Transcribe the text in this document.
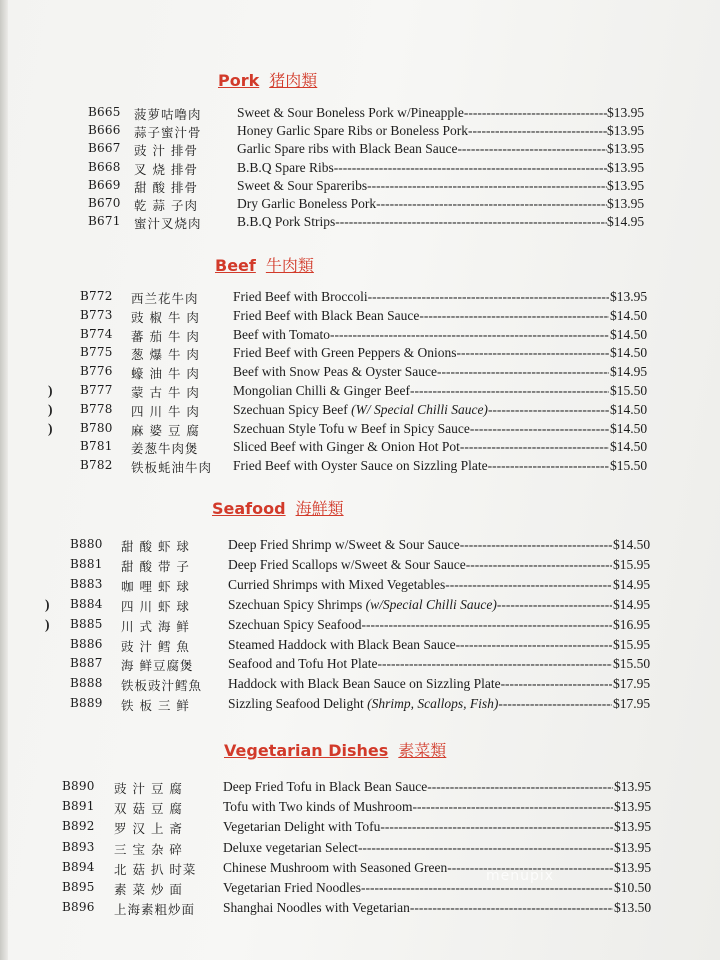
Pork 猪肉類
B665 菠萝咕噜肉	Sweet & Sour Boneless Pork w/Pineapple -----	$13.95
B666 蒜子蜜汁骨	Honey Garlic Spare Ribs or Boneless Pork -----	$13.95
B667 豉 汁 排骨	Garlic Spare ribs with Black Bean Sauce -----	$13.95
B668 叉 烧 排骨	B.B.Q Spare Ribs -----	$13.95
B669 甜 酸 排骨	Sweet & Sour Spareribs -----	$13.95
B670 乾 蒜 子肉	Dry Garlic Boneless Pork -----	$13.95
B671 蜜汁叉烧肉	B.B.Q Pork Strips -----	$14.95
Beef 牛肉類
B772 西兰花牛肉	Fried Beef with Broccoli -----	$13.95
B773 豉 椒 牛 肉 Fried Beef with Black Bean Sauce -----	$14.50
B774 蕃 茄 牛 肉 Beef with Tomato -----	$14.50
B775 葱 爆 牛 肉 Fried Beef with Green Peppers & Onions -----	$14.50
B776 蠔 油 牛 肉 Beef with Snow Peas & Oyster Sauce -----	$14.95
) B777 蒙 古 牛 肉 Mongolian Chilli & Ginger Beef -----	$15.50
) B778 四 川 牛 肉 Szechuan Spicy Beef (W/ Special Chilli Sauce) -----	$14.50
) B780 麻 婆 豆 腐 Szechuan Style Tofu w Beef in Spicy Sauce -----	$14.50
B781 姜葱牛肉煲	Sliced Beef with Ginger & Onion Hot Pot -----	$14.50
B782 铁板蚝油牛肉 Fried Beef with Oyster Sauce on Sizzling Plate -----	$15.50
Seafood 海鮮類
B880 甜 酸 虾 球	Deep Fried Shrimp w/Sweet & Sour Sauce -----	$14.50
B881 甜 酸 带 子	Deep Fried Scallops w/Sweet & Sour Sauce -----	$15.95
B883 咖 哩 虾 球	Curried Shrimps with Mixed Vegetables -----	$14.95
) B884 四 川 虾 球	Szechuan Spicy Shrimps (w/Special Chilli Sauce) -----	$14.95
) B885 川 式 海 鲜	Szechuan Spicy Seafood -----	$16.95
B886 豉 汁 鳕 魚	Steamed Haddock with Black Bean Sauce -----	$15.95
B887 海 鲜豆腐煲	Seafood and Tofu Hot Plate -----	$15.50
B888 铁板豉汁鳕魚 Haddock with Black Bean Sauce on Sizzling Plate -----	$17.95
B889 铁 板 三 鲜	Sizzling Seafood Delight (Shrimp, Scallops, Fish) -----	$17.95
Vegetarian Dishes 素菜類
B890 豉 汁 豆 腐	Deep Fried Tofu in Black Bean Sauce -----	$13.95
B891 双 菇 豆 腐	Tofu with Two kinds of Mushroom -----	$13.95
B892 罗 汉 上 斋	Vegetarian Delight with Tofu -----	$13.95
B893 三 宝 杂 碎	Deluxe vegetarian Select -----	$13.95
B894 北 菇 扒 时菜 Chinese Mushroom with Seasoned Green -----	$13.95
B895 素 菜 炒 面	Vegetarian Fried Noodles -----	$10.50
B896 上海素粗炒面 Shanghai Noodles with Vegetarian -----	$13.50
menupix
